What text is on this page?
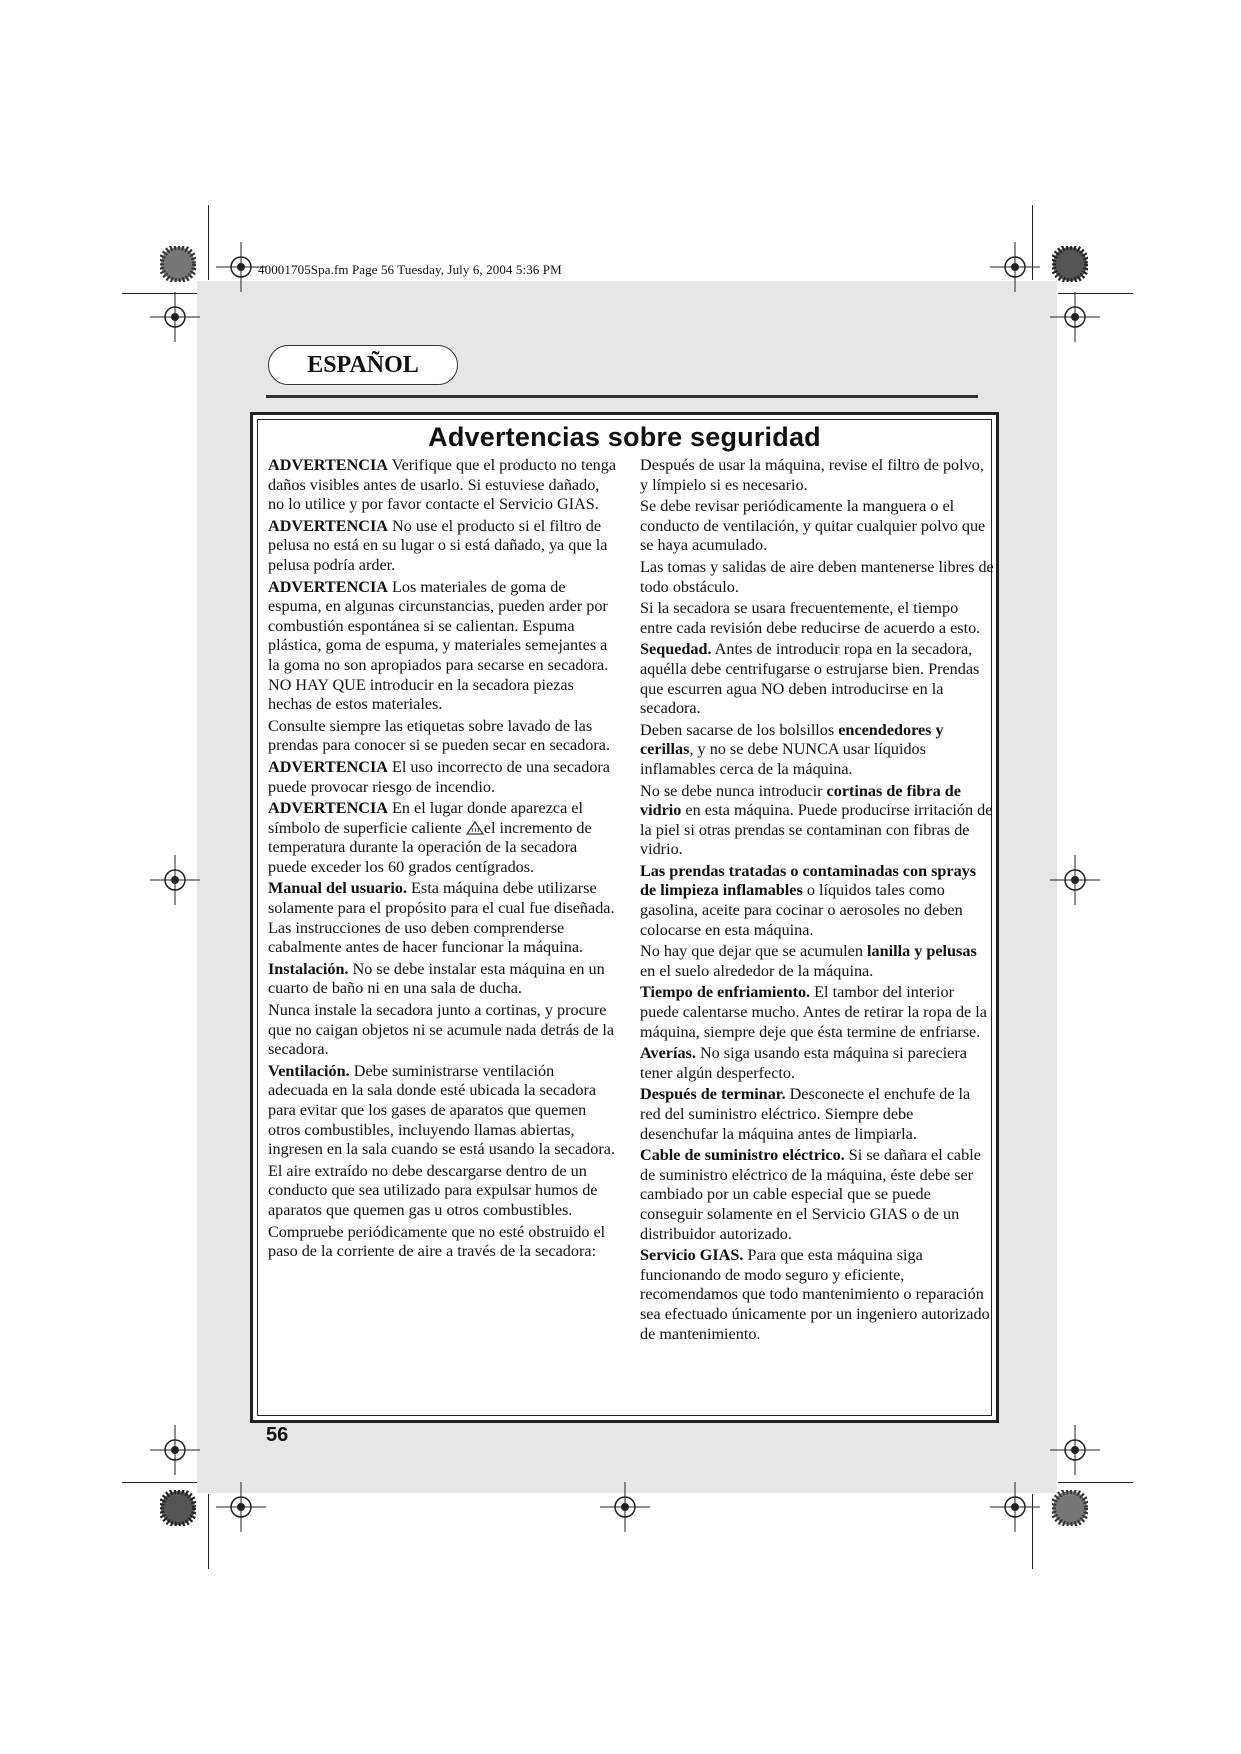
40001705Spa.fm Page 56 Tuesday, July 6, 2004 5:36 PM
ESPAÑOL
Advertencias sobre seguridad

ADVERTENCIA Verifique que el producto no tenga daños visibles antes de usarlo. Si estuviese dañado, no lo utilice y por favor contacte el Servicio GIAS.

ADVERTENCIA No use el producto si el filtro de pelusa no está en su lugar o si está dañado, ya que la pelusa podría arder.

ADVERTENCIA Los materiales de goma de espuma, en algunas circunstancias, pueden arder por combustión espontánea si se calientan. Espuma plástica, goma de espuma, y materiales semejantes a la goma no son apropiados para secarse en secadora. NO HAY QUE introducir en la secadora piezas hechas de estos materiales.

Consulte siempre las etiquetas sobre lavado de las prendas para conocer si se pueden secar en secadora.

ADVERTENCIA El uso incorrecto de una secadora puede provocar riesgo de incendio.

ADVERTENCIA En el lugar donde aparezca el símbolo de superficie caliente el incremento de temperatura durante la operación de la secadora puede exceder los 60 grados centígrados.

Manual del usuario. Esta máquina debe utilizarse solamente para el propósito para el cual fue diseñada. Las instrucciones de uso deben comprenderse cabalmente antes de hacer funcionar la máquina.

Instalación. No se debe instalar esta máquina en un cuarto de baño ni en una sala de ducha.

Nunca instale la secadora junto a cortinas, y procure que no caigan objetos ni se acumule nada detrás de la secadora.

Ventilación. Debe suministrarse ventilación adecuada en la sala donde esté ubicada la secadora para evitar que los gases de aparatos que quemen otros combustibles, incluyendo llamas abiertas, ingresen en la sala cuando se está usando la secadora.

El aire extraído no debe descargarse dentro de un conducto que sea utilizado para expulsar humos de aparatos que quemen gas u otros combustibles.

Compruebe periódicamente que no esté obstruido el paso de la corriente de aire a través de la secadora:

Después de usar la máquina, revise el filtro de polvo, y límpielo si es necesario.

Se debe revisar periódicamente la manguera o el conducto de ventilación, y quitar cualquier polvo que se haya acumulado.

Las tomas y salidas de aire deben mantenerse libres de todo obstáculo.

Si la secadora se usara frecuentemente, el tiempo entre cada revisión debe reducirse de acuerdo a esto.

Sequedad. Antes de introducir ropa en la secadora, aquélla debe centrifugarse o estrujarse bien. Prendas que escurren agua NO deben introducirse en la secadora.

Deben sacarse de los bolsillos encendedores y cerillas, y no se debe NUNCA usar líquidos inflamables cerca de la máquina.

No se debe nunca introducir cortinas de fibra de vidrio en esta máquina. Puede producirse irritación de la piel si otras prendas se contaminan con fibras de vidrio.

Las prendas tratadas o contaminadas con sprays de limpieza inflamables o líquidos tales como gasolina, aceite para cocinar o aerosoles no deben colocarse en esta máquina.

No hay que dejar que se acumulen lanilla y pelusas en el suelo alrededor de la máquina.

Tiempo de enfriamiento. El tambor del interior puede calentarse mucho. Antes de retirar la ropa de la máquina, siempre deje que ésta termine de enfriarse.

Averías. No siga usando esta máquina si pareciera tener algún desperfecto.

Después de terminar. Desconecte el enchufe de la red del suministro eléctrico. Siempre debe desenchufar la máquina antes de limpiarla.

Cable de suministro eléctrico. Si se dañara el cable de suministro eléctrico de la máquina, éste debe ser cambiado por un cable especial que se puede conseguir solamente en el Servicio GIAS o de un distribuidor autorizado.

Servicio GIAS. Para que esta máquina siga funcionando de modo seguro y eficiente, recomendamos que todo mantenimiento o reparación sea efectuado únicamente por un ingeniero autorizado de mantenimiento.

56
